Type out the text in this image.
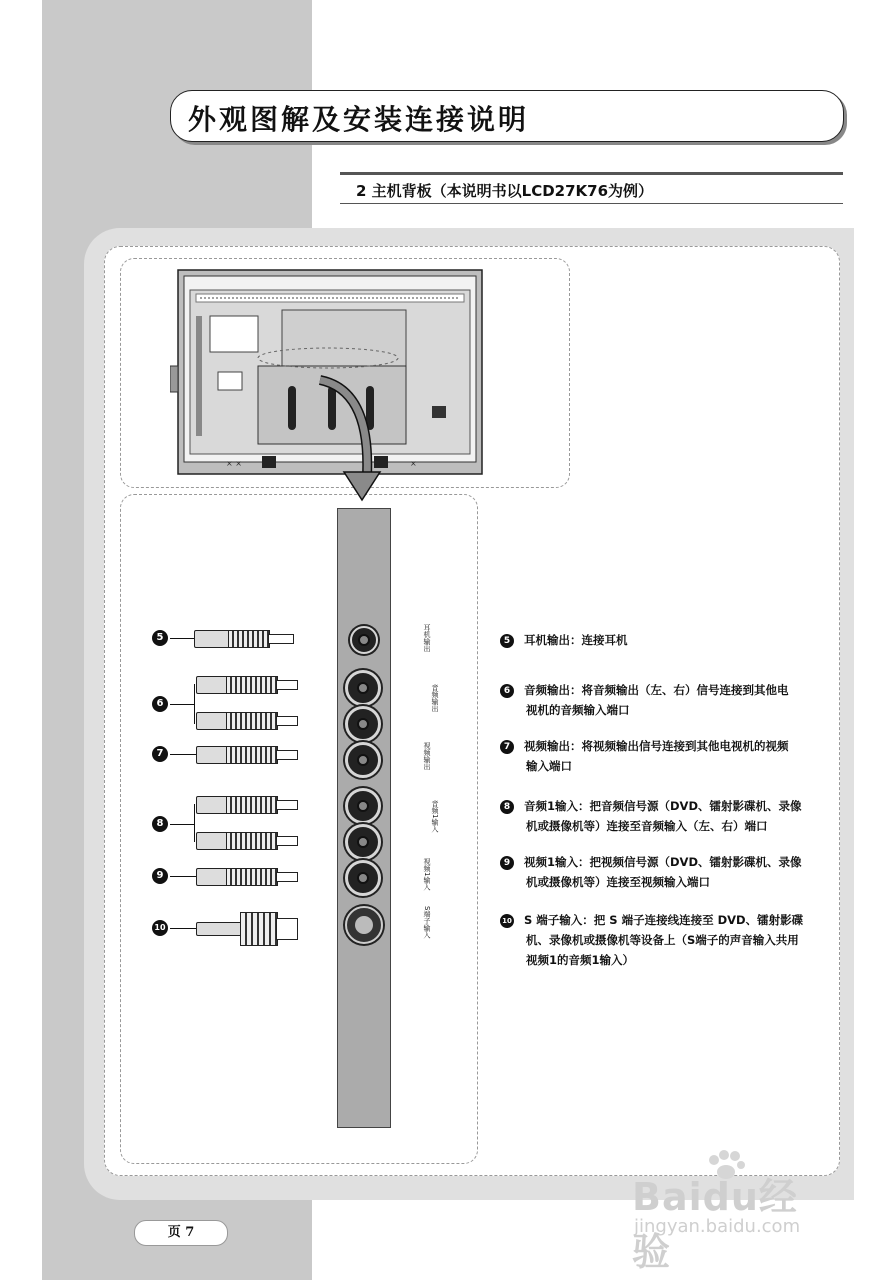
外观图解及安装连接说明
2 主机背板（本说明书以LCD27K76为例）
× ×	×
耳机输出
音频输出
视频输出
音频1输入
视频1输入
S端子输入
5
6
7
8
9
10
5 耳机输出：连接耳机
6 音频输出：将音频输出（左、右）信号连接到其他电
视机的音频输入端口
7 视频输出：将视频输出信号连接到其他电视机的视频
输入端口
8 音频1输入：把音频信号源（DVD、镭射影碟机、录像
机或摄像机等）连接至音频输入（左、右）端口
9 视频1输入：把视频信号源（DVD、镭射影碟机、录像
机或摄像机等）连接至视频输入端口
10 S 端子输入：把 S 端子连接线连接至 DVD、镭射影碟
机、录像机或摄像机等设备上（S端子的声音输入共用
视频1的音频1输入）
页 7
Baidu经验
jingyan.baidu.com
